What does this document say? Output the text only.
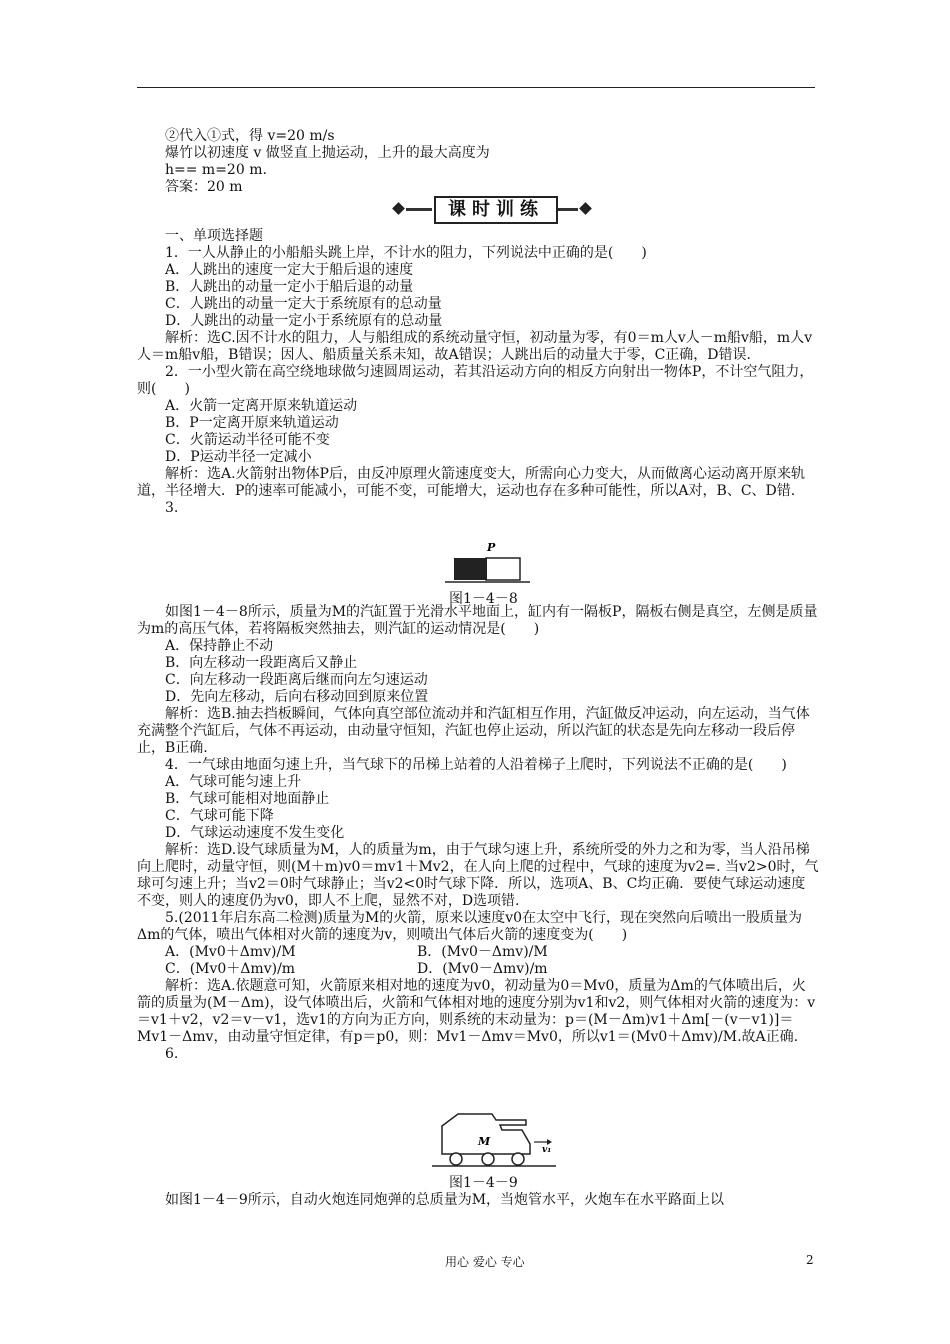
②代入①式，得 v=20 m/s

爆竹以初速度 v 做竖直上抛运动，上升的最大高度为

h== m=20 m.

答案：20 m

课时训练

一、单项选择题

1．一人从静止的小船船头跳上岸，不计水的阻力，下列说法中正确的是(　　)

A．人跳出的速度一定大于船后退的速度

B．人跳出的动量一定小于船后退的动量

C．人跳出的动量一定大于系统原有的总动量

D．人跳出的动量一定小于系统原有的总动量

解析：选C.因不计水的阻力，人与船组成的系统动量守恒，初动量为零，有0＝m人v人－m船v船，m人v人＝m船v船，B错误；因人、船质量关系未知，故A错误；人跳出后的动量大于零，C正确，D错误.

2．一小型火箭在高空绕地球做匀速圆周运动，若其沿运动方向的相反方向射出一物体P，不计空气阻力，则(　　)

A．火箭一定离开原来轨道运动

B．P一定离开原来轨道运动

C．火箭运动半径可能不变

D．P运动半径一定减小

解析：选A.火箭射出物体P后，由反冲原理火箭速度变大，所需向心力变大，从而做离心运动离开原来轨道，半径增大．P的速率可能减小，可能不变，可能增大，运动也存在多种可能性，所以A对，B、C、D错.

3.

P
图1－4－8

如图1－4－8所示，质量为M的汽缸置于光滑水平地面上，缸内有一隔板P，隔板右侧是真空，左侧是质量为m的高压气体，若将隔板突然抽去，则汽缸的运动情况是(　　)

A．保持静止不动

B．向左移动一段距离后又静止

C．向左移动一段距离后继而向左匀速运动

D．先向左移动，后向右移动回到原来位置

解析：选B.抽去挡板瞬间，气体向真空部位流动并和汽缸相互作用，汽缸做反冲运动，向左运动，当气体充满整个汽缸后，气体不再运动，由动量守恒知，汽缸也停止运动，所以汽缸的状态是先向左移动一段后停止，B正确.

4．一气球由地面匀速上升，当气球下的吊梯上站着的人沿着梯子上爬时，下列说法不正确的是(　　)

A．气球可能匀速上升

B．气球可能相对地面静止

C．气球可能下降

D．气球运动速度不发生变化

解析：选D.设气球质量为M，人的质量为m，由于气球匀速上升，系统所受的外力之和为零，当人沿吊梯向上爬时，动量守恒，则(M＋m)v0＝mv1＋Mv2，在人向上爬的过程中，气球的速度为v2=. 当v2>0时，气球可匀速上升；当v2＝0时气球静止；当v2<0时气球下降．所以，选项A、B、C均正确．要使气球运动速度不变，则人的速度仍为v0，即人不上爬，显然不对，D选项错.

5.(2011年启东高二检测)质量为M的火箭，原来以速度v0在太空中飞行，现在突然向后喷出一股质量为Δm的气体，喷出气体相对火箭的速度为v，则喷出气体后火箭的速度变为(　　)

A．(Mv0＋Δmv)/M	B．(Mv0－Δmv)/M
C．(Mv0＋Δmv)/m	D．(Mv0－Δmv)/m

解析：选A.依题意可知，火箭原来相对地的速度为v0，初动量为0＝Mv0，质量为Δm的气体喷出后，火箭的质量为(M－Δm)，设气体喷出后，火箭和气体相对地的速度分别为v1和v2，则气体相对火箭的速度为：v＝v1＋v2，v2＝v－v1，选v1的方向为正方向，则系统的末动量为：p＝(M－Δm)v1＋Δm[－(v－v1)]＝Mv1－Δmv，由动量守恒定律，有p＝p0，则：Mv1－Δmv＝Mv0，所以v1＝(Mv0＋Δmv)/M.故A正确.

6.

M
v₁
图1－4－9

如图1－4－9所示，自动火炮连同炮弹的总质量为M，当炮管水平，火炮车在水平路面上以

用心 爱心 专心	2
